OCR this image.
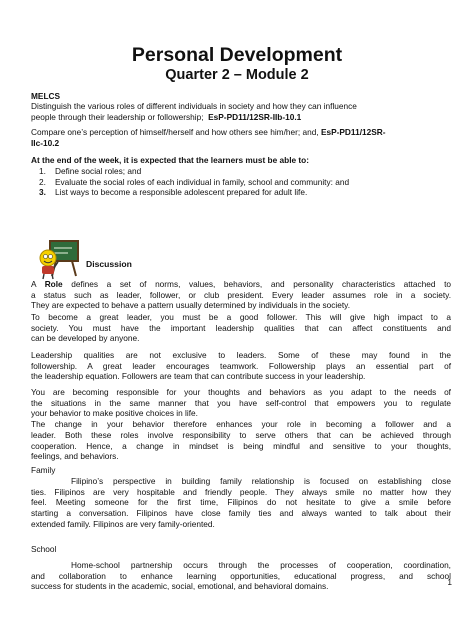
Personal Development
Quarter 2 – Module 2
MELCS
Distinguish the various roles of different individuals in society and how they can influence
people through their leadership or followership; EsP-PD11/12SR-IIb-10.1
Compare one’s perception of himself/herself and how others see him/her; and, EsP-PD11/12SR-
IIc-10.2
At the end of the week, it is expected that the learners must be able to:
1. Define social roles; and
2. Evaluate the social roles of each individual in family, school and community: and
3. List ways to become a responsible adolescent prepared for adult life.
Discussion
A Role defines a set of norms, values, behaviors, and personality characteristics attached to
a status such as leader, follower, or club president. Every leader assumes role in a society.
They are expected to behave a pattern usually determined by individuals in the society.
To become a great leader, you must be a good follower. This will give high impact to a
society. You must have the important leadership qualities that can affect constituents and
can be developed by anyone.
Leadership qualities are not exclusive to leaders. Some of these may found in the
followership. A great leader encourages teamwork. Followership plays an essential part of
the leadership equation. Followers are team that can contribute success in your leadership.
You are becoming responsible for your thoughts and behaviors as you adapt to the needs of
the situations in the same manner that you have self-control that empowers you to regulate
your behavior to make positive choices in life.
The change in your behavior therefore enhances your role in becoming a follower and a
leader. Both these roles involve responsibility to serve others that can be achieved through
cooperation. Hence, a change in mindset is being mindful and sensitive to your thoughts,
feelings, and behaviors.
Family
Filipino’s perspective in building family relationship is focused on establishing close
ties. Filipinos are very hospitable and friendly people. They always smile no matter how they
feel. Meeting someone for the first time, Filipinos do not hesitate to give a smile before
starting a conversation. Filipinos have close family ties and always wanted to talk about their
extended family. Filipinos are very family-oriented.
School
Home-school partnership occurs through the processes of cooperation, coordination,
and collaboration to enhance learning opportunities, educational progress, and school
success for students in the academic, social, emotional, and behavioral domains.	1
